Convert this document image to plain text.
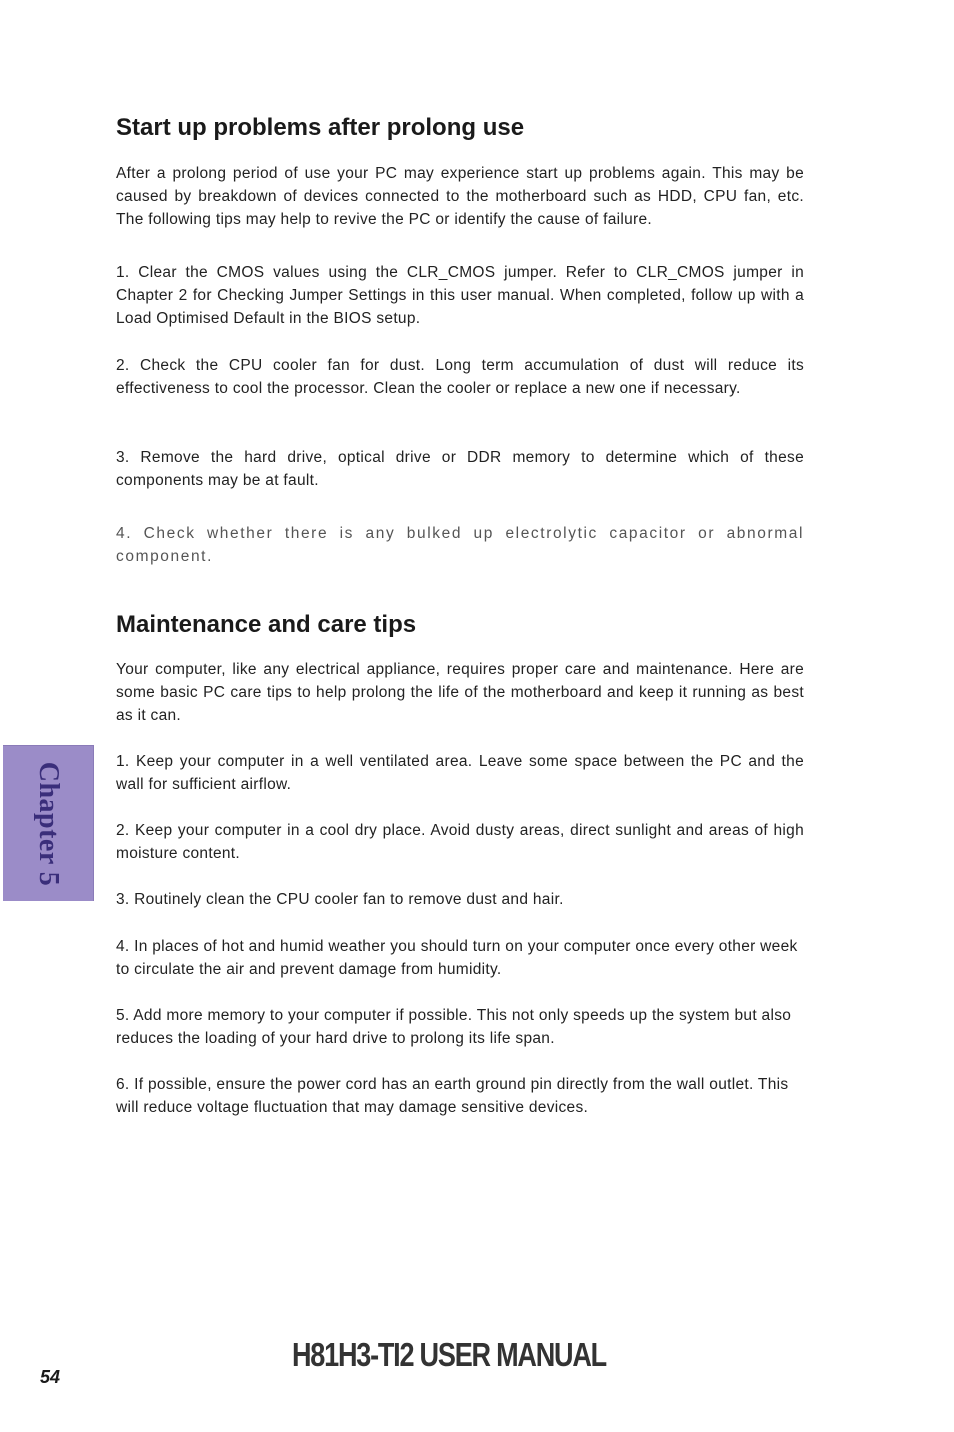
Start up problems after prolong use

After a prolong period of use your PC may experience start up problems again. This may be caused by breakdown of devices connected to the motherboard such as HDD, CPU fan, etc. The following tips may help to revive the PC or identify the cause of failure.

1. Clear the CMOS values using the CLR_CMOS jumper. Refer to CLR_CMOS jumper in Chapter 2 for Checking Jumper Settings in this user manual. When completed, follow up with a Load Optimised Default in the BIOS setup.

2. Check the CPU cooler fan for dust. Long term accumulation of dust will reduce its effectiveness to cool the processor. Clean the cooler or replace a new one if necessary.

3. Remove the hard drive, optical drive or DDR memory to determine which of these components may be at fault.

4. Check whether there is any bulked up electrolytic capacitor or abnormal component.

Maintenance and care tips

Your computer, like any electrical appliance, requires proper care and maintenance. Here are some basic PC care tips to help prolong the life of the motherboard and keep it running as best as it can.

1. Keep your computer in a well ventilated area. Leave some space between the PC and the wall for sufficient airflow.

2. Keep your computer in a cool dry place. Avoid dusty areas, direct sunlight and areas of high moisture content.

3. Routinely clean the CPU cooler fan to remove dust and hair.

4. In places of hot and humid weather you should turn on your computer once every other week to circulate the air and prevent damage from humidity.

5. Add more memory to your computer if possible. This not only speeds up the system but also reduces the loading of your hard drive to prolong its life span.

6. If possible, ensure the power cord has an earth ground pin directly from the wall outlet. This will reduce voltage fluctuation that may damage sensitive devices.

Chapter 5
54
H81H3-TI2 USER MANUAL
